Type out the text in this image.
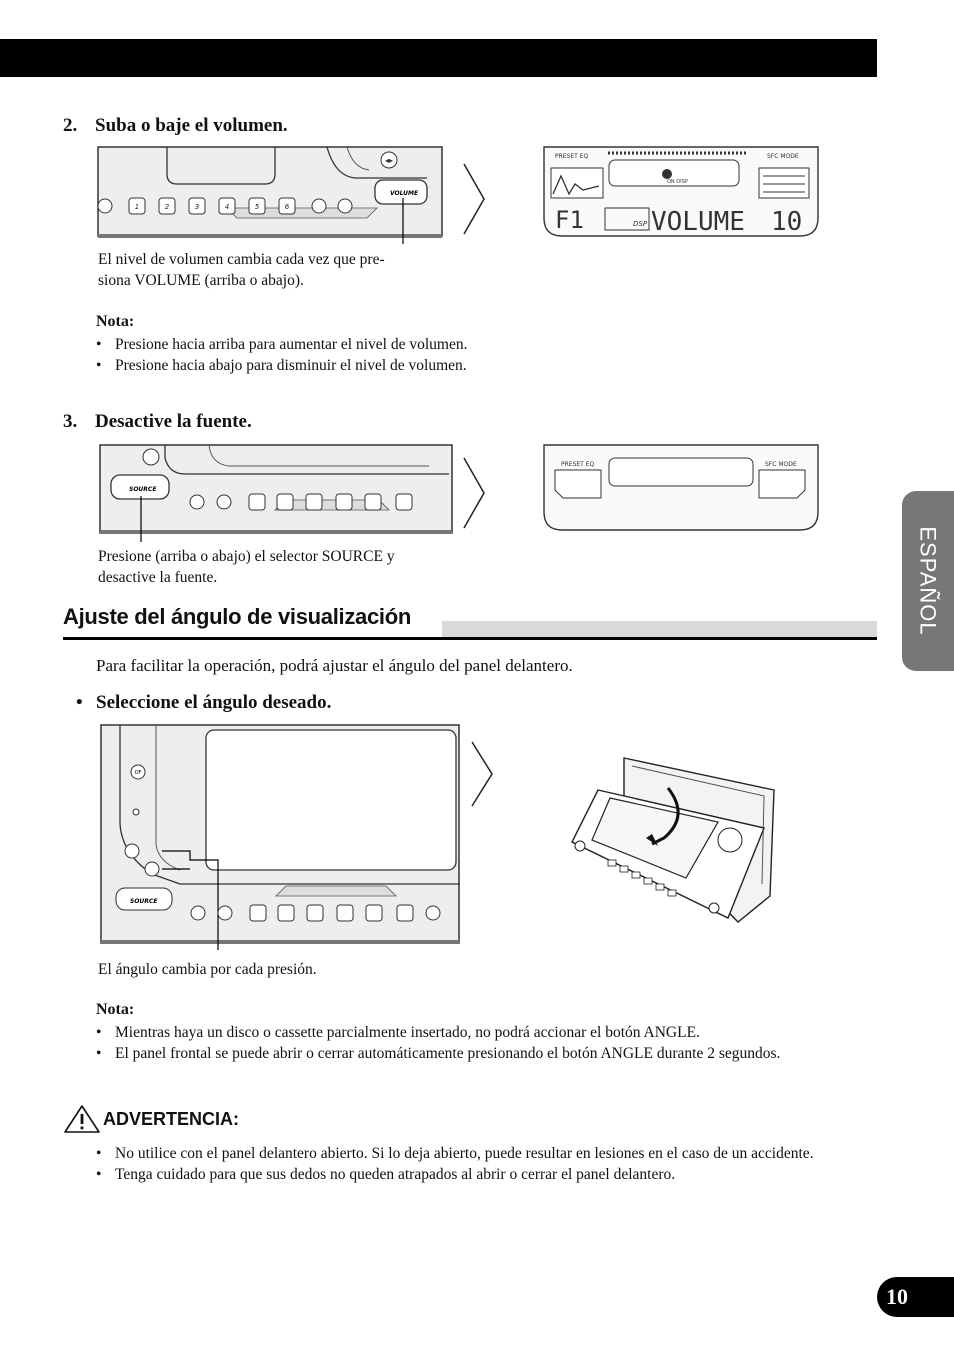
2. Suba o baje el volumen.
◂▸
VOLUME
1	2	3	4	5	6
PRESET EQ	SFC MODE
ON DISP
F1	DSP VOLUME 10
El nivel de volumen cambia cada vez que pre-
siona VOLUME (arriba o abajo).
Nota:
• Presione hacia arriba para aumentar el nivel de volumen.
• Presione hacia abajo para disminuir el nivel de volumen.
3. Desactive la fuente.
SOURCE
PRESET EQ	SFC MODE
Presione (arriba o abajo) el selector SOURCE y
desactive la fuente.
Ajuste del ángulo de visualización
Para facilitar la operación, podrá ajustar el ángulo del panel delantero.
• Seleccione el ángulo deseado.
OF
SOURCE
El ángulo cambia por cada presión.
Nota:
• Mientras haya un disco o cassette parcialmente insertado, no podrá accionar el botón ANGLE.
• El panel frontal se puede abrir o cerrar automáticamente presionando el botón ANGLE durante 2 segundos.
ADVERTENCIA:
• No utilice con el panel delantero abierto. Si lo deja abierto, puede resultar en lesiones en el caso de un accidente.
• Tenga cuidado para que sus dedos no queden atrapados al abrir o cerrar el panel delantero.
ESPAÑOL
10
